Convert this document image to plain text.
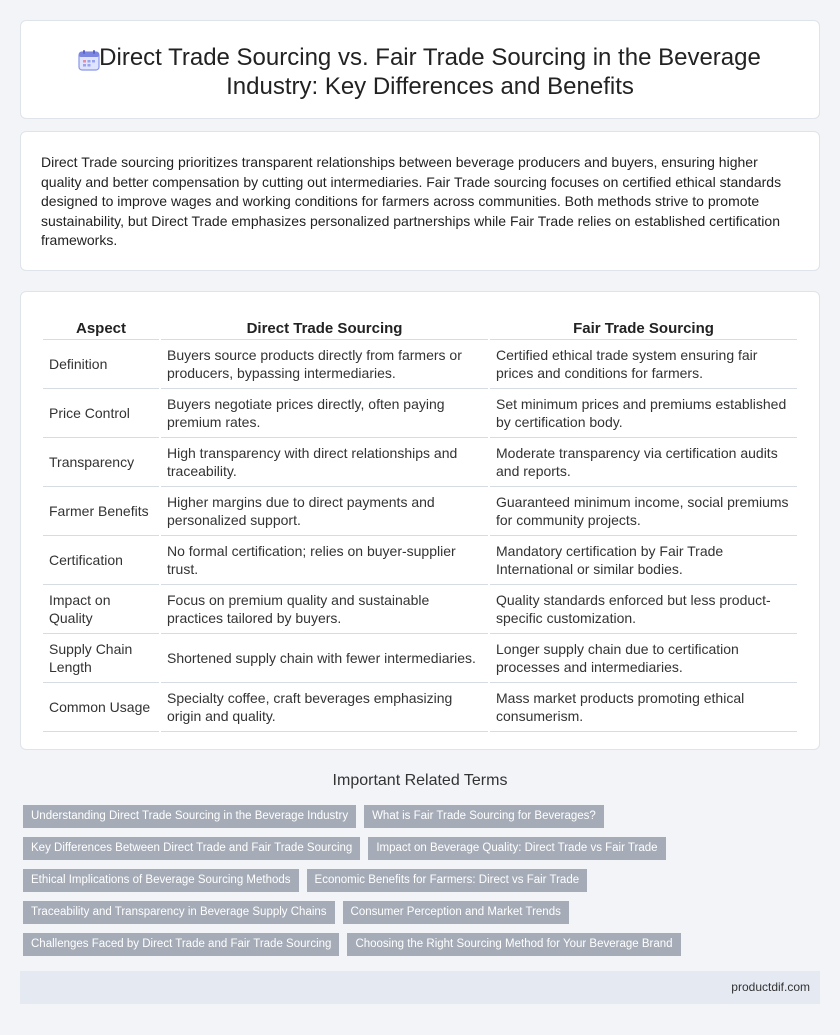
Direct Trade Sourcing vs. Fair Trade Sourcing in the Beverage Industry: Key Differences and Benefits

Direct Trade sourcing prioritizes transparent relationships between beverage producers and buyers, ensuring higher quality and better compensation by cutting out intermediaries. Fair Trade sourcing focuses on certified ethical standards designed to improve wages and working conditions for farmers across communities. Both methods strive to promote sustainability, but Direct Trade emphasizes personalized partnerships while Fair Trade relies on established certification frameworks.

Aspect	Direct Trade Sourcing	Fair Trade Sourcing
Definition	Buyers source products directly from farmers or producers, bypassing intermediaries.	Certified ethical trade system ensuring fair prices and conditions for farmers.
Price Control	Buyers negotiate prices directly, often paying premium rates.	Set minimum prices and premiums established by certification body.
Transparency	High transparency with direct relationships and traceability.	Moderate transparency via certification audits and reports.
Farmer Benefits	Higher margins due to direct payments and personalized support.	Guaranteed minimum income, social premiums for community projects.
Certification	No formal certification; relies on buyer-supplier trust.	Mandatory certification by Fair Trade International or similar bodies.
Impact on Quality	Focus on premium quality and sustainable practices tailored by buyers.	Quality standards enforced but less product-specific customization.
Supply Chain Length	Shortened supply chain with fewer intermediaries.	Longer supply chain due to certification processes and intermediaries.
Common Usage	Specialty coffee, craft beverages emphasizing origin and quality.	Mass market products promoting ethical consumerism.
Important Related Terms
Understanding Direct Trade Sourcing in the Beverage Industry	What is Fair Trade Sourcing for Beverages?
Key Differences Between Direct Trade and Fair Trade Sourcing	Impact on Beverage Quality: Direct Trade vs Fair Trade
Ethical Implications of Beverage Sourcing Methods	Economic Benefits for Farmers: Direct vs Fair Trade
Traceability and Transparency in Beverage Supply Chains	Consumer Perception and Market Trends
Challenges Faced by Direct Trade and Fair Trade Sourcing	Choosing the Right Sourcing Method for Your Beverage Brand
productdif.com
